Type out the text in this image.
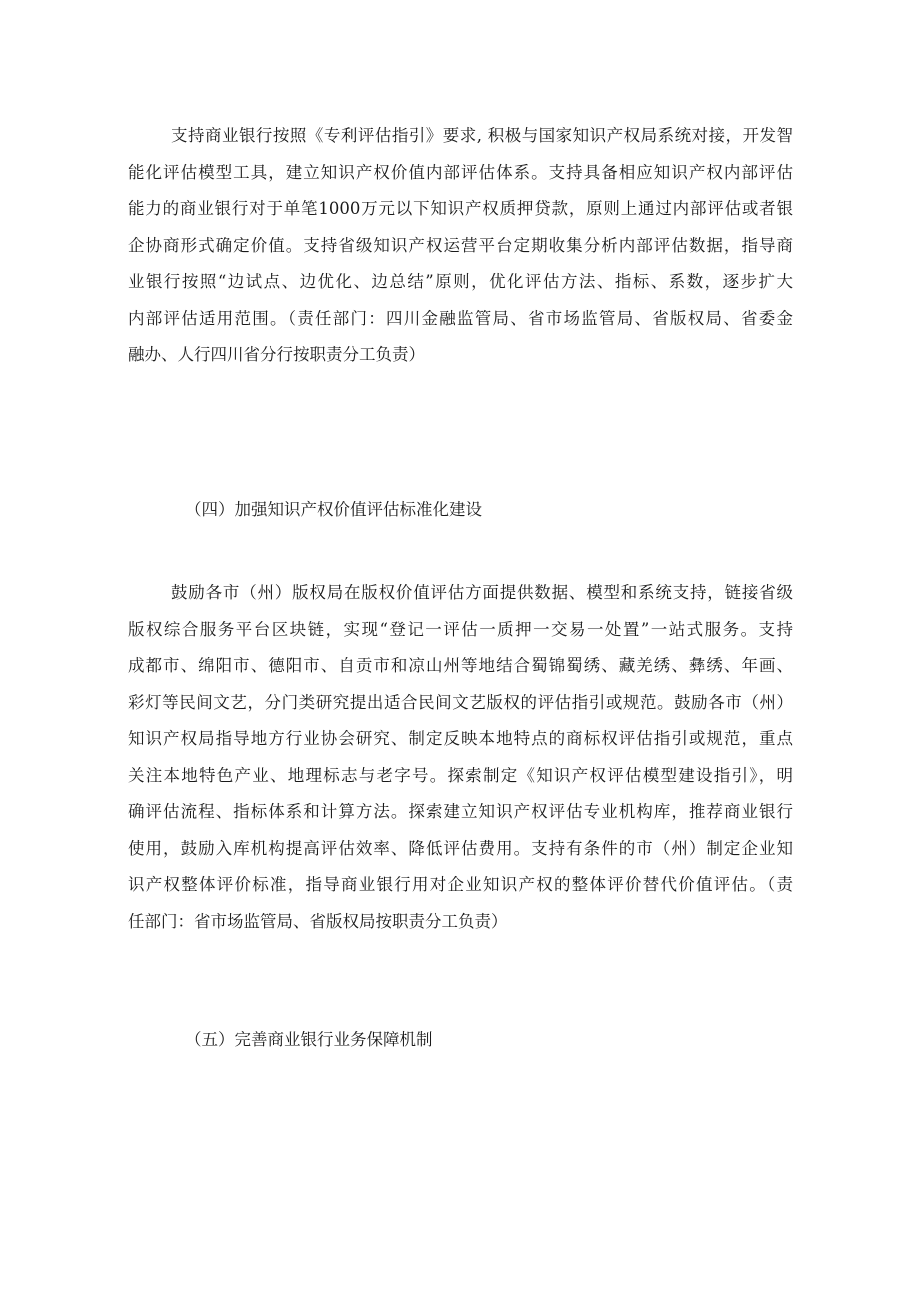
支持商业银行按照《专利评估指引》要求, 积极与国家知识产权局系统对接，开发智
能化评估模型工具，建立知识产权价值内部评估体系。支持具备相应知识产权内部评估
能力的商业银行对于单笔1000万元以下知识产权质押贷款，原则上通过内部评估或者银
企协商形式确定价值。支持省级知识产权运营平台定期收集分析内部评估数据，指导商
业银行按照“边试点、边优化、边总结”原则，优化评估方法、指标、系数，逐步扩大
内部评估适用范围。（责任部门：四川金融监管局、省市场监管局、省版权局、省委金
融办、人行四川省分行按职责分工负责）
（四）加强知识产权价值评估标准化建设
鼓励各市（州）版权局在版权价值评估方面提供数据、模型和系统支持，链接省级
版权综合服务平台区块链，实现“登记一评估一质押一交易一处置”一站式服务。支持
成都市、绵阳市、德阳市、自贡市和凉山州等地结合蜀锦蜀绣、藏羌绣、彝绣、年画、
彩灯等民间文艺，分门类研究提出适合民间文艺版权的评估指引或规范。鼓励各市（州）
知识产权局指导地方行业协会研究、制定反映本地特点的商标权评估指引或规范，重点
关注本地特色产业、地理标志与老字号。探索制定《知识产权评估模型建设指引》，明
确评估流程、指标体系和计算方法。探索建立知识产权评估专业机构库，推荐商业银行
使用，鼓励入库机构提高评估效率、降低评估费用。支持有条件的市（州）制定企业知
识产权整体评价标准，指导商业银行用对企业知识产权的整体评价替代价值评估。（责
任部门：省市场监管局、省版权局按职责分工负责）
（五）完善商业银行业务保障机制
